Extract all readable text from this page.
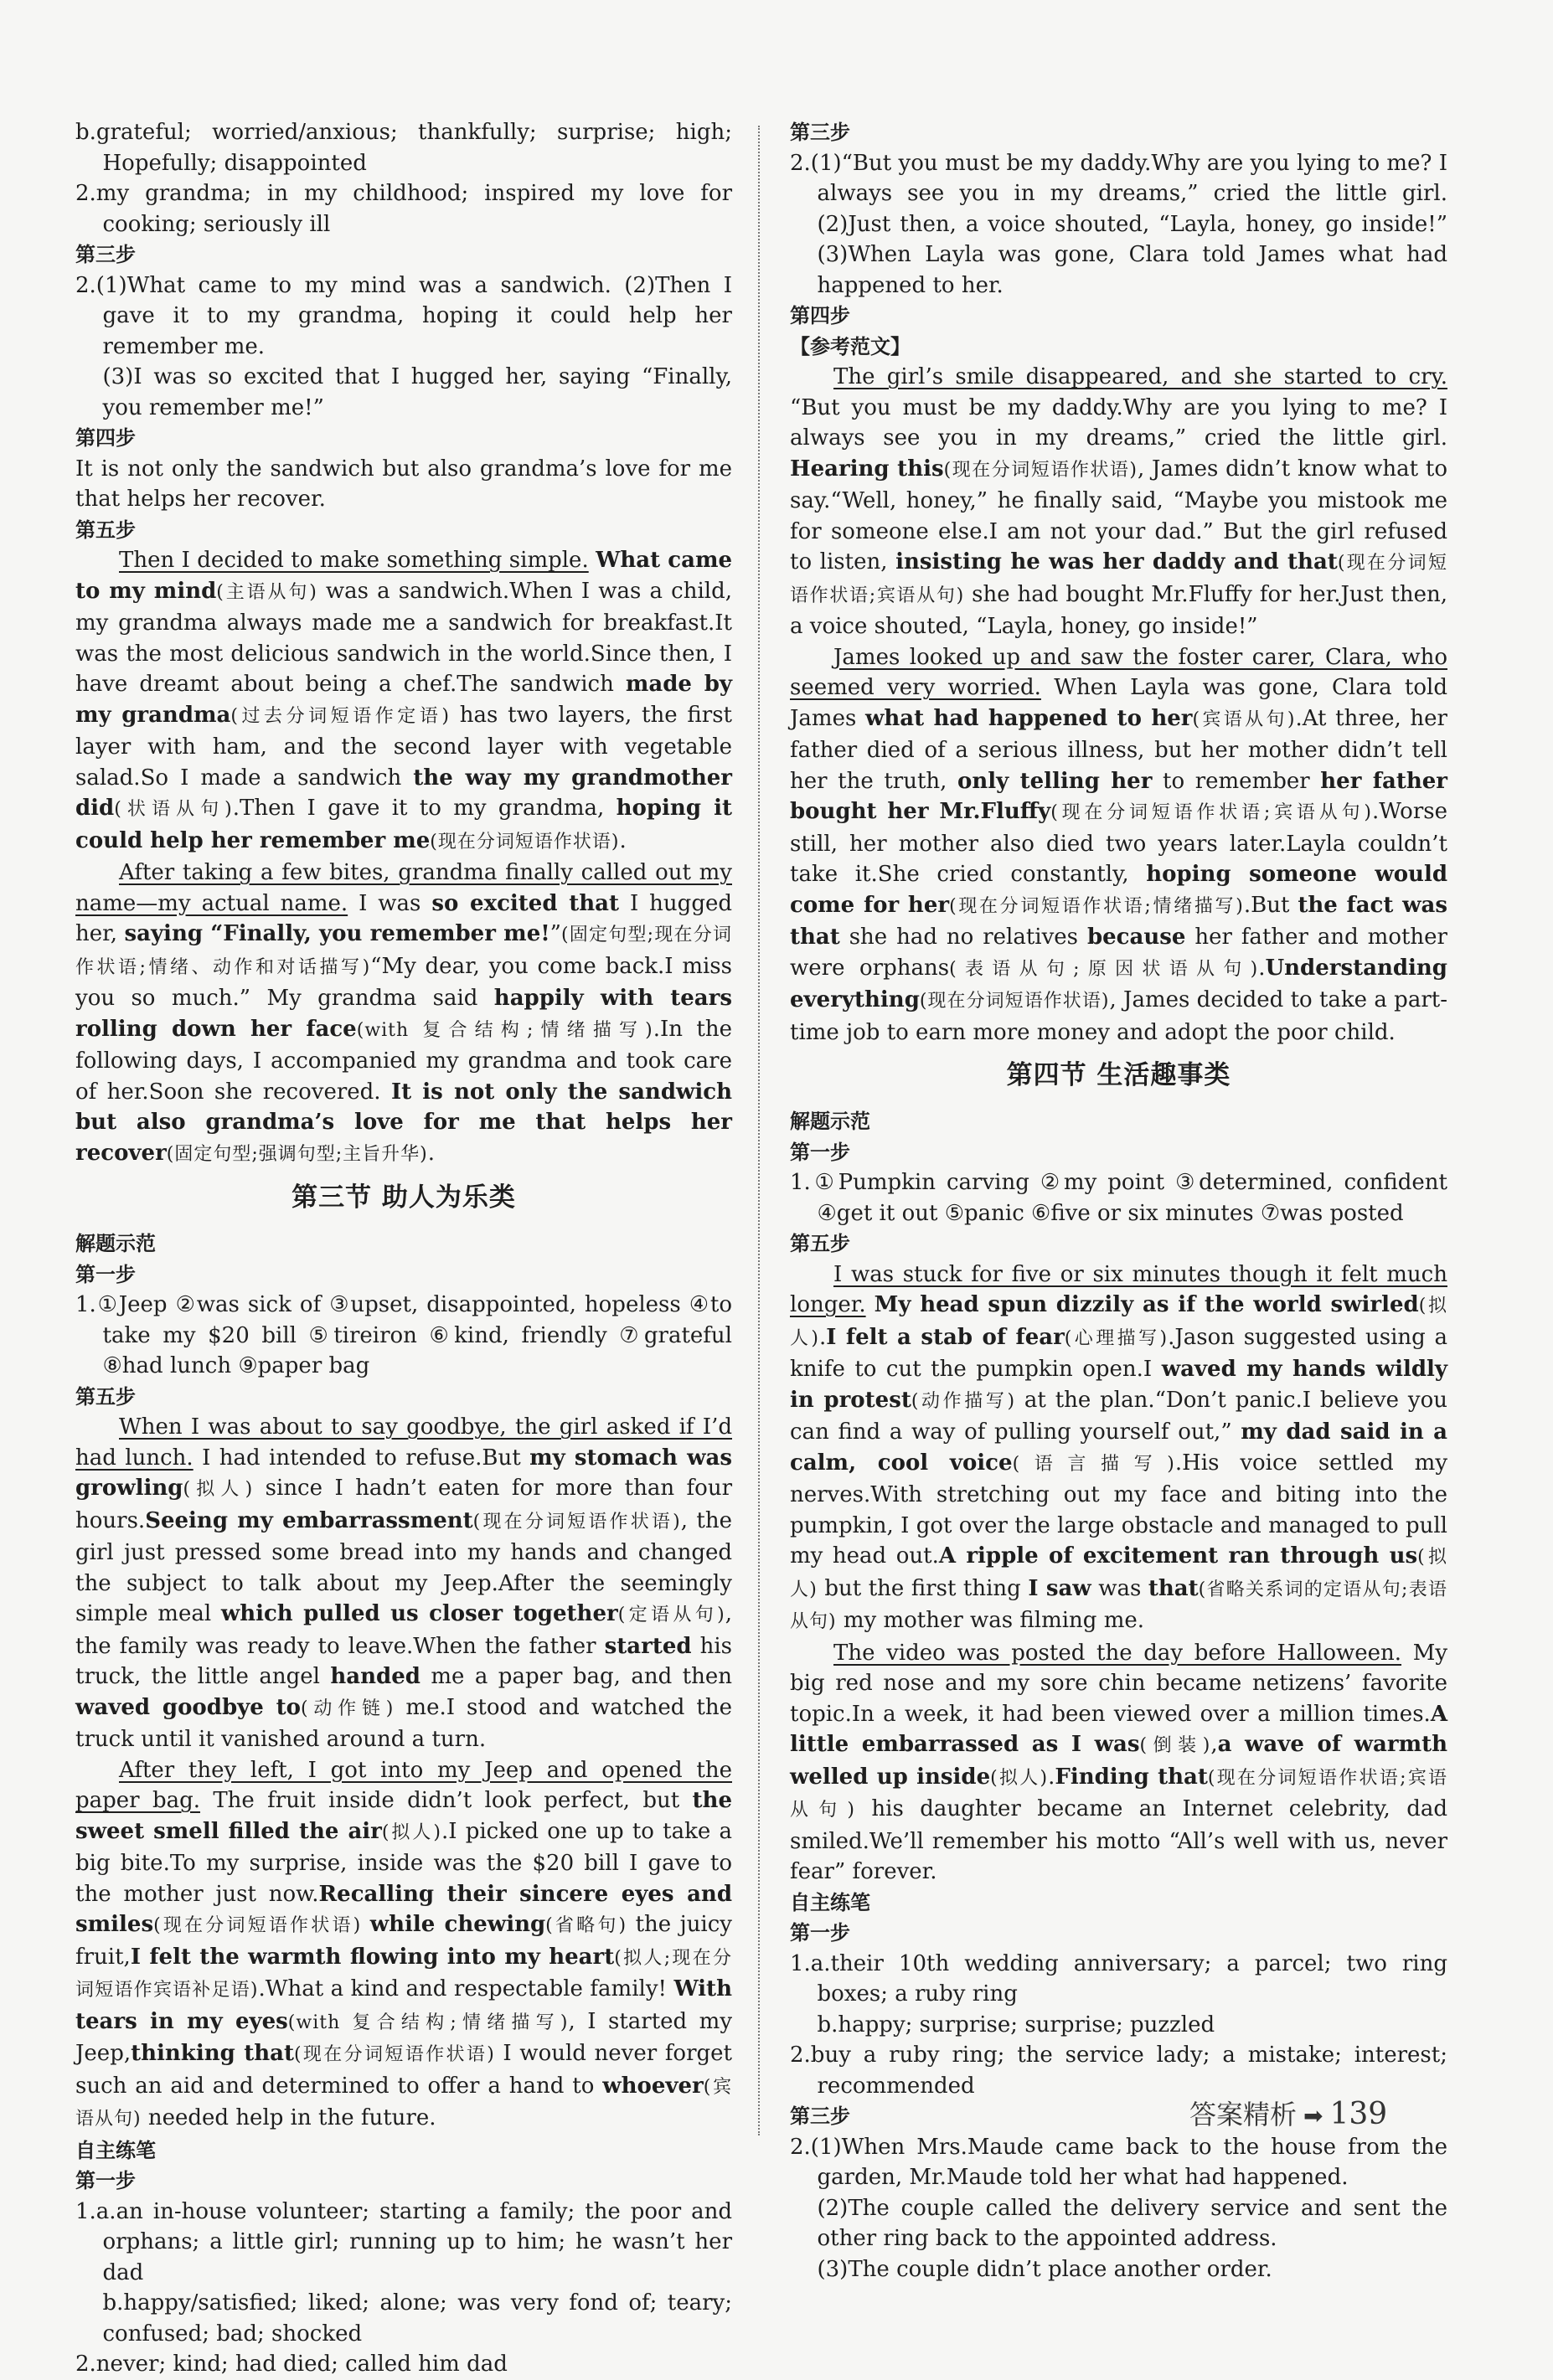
b.grateful; worried/anxious; thankfully; surprise; high; Hopefully; disappointed

2.my grandma; in my childhood; inspired my love for cooking; seriously ill

第三步

2.(1)What came to my mind was a sandwich. (2)Then I gave it to my grandma, hoping it could help her remember me.

(3)I was so excited that I hugged her, saying “Finally, you remember me!”

第四步

It is not only the sandwich but also grandma’s love for me that helps her recover.

第五步

Then I decided to make something simple. What came to my mind(主语从句) was a sandwich.When I was a child, my grandma always made me a sandwich for breakfast.It was the most delicious sandwich in the world.Since then, I have dreamt about being a chef.The sandwich made by my grandma(过去分词短语作定语) has two layers, the first layer with ham, and the second layer with vegetable salad.So I made a sandwich the way my grandmother did(状语从句).Then I gave it to my grandma, hoping it could help her remember me(现在分词短语作状语).

After taking a few bites, grandma finally called out my name—my actual name. I was so excited that I hugged her, saying “Finally, you remember me!”(固定句型;现在分词作状语;情绪、动作和对话描写)“My dear, you come back.I miss you so much.” My grandma said happily with tears rolling down her face(with 复合结构;情绪描写).In the following days, I accompanied my grandma and took care of her.Soon she recovered. It is not only the sandwich but also grandma’s love for me that helps her recover(固定句型;强调句型;主旨升华).

第三节 助人为乐类

解题示范

第一步

1.①Jeep ②was sick of ③upset, disappointed, hopeless ④to take my $20 bill ⑤tireiron ⑥kind, friendly ⑦grateful ⑧had lunch ⑨paper bag

第五步

When I was about to say goodbye, the girl asked if I’d had lunch. I had intended to refuse.But my stomach was growling(拟人) since I hadn’t eaten for more than four hours.Seeing my embarrassment(现在分词短语作状语), the girl just pressed some bread into my hands and changed the subject to talk about my Jeep.After the seemingly simple meal which pulled us closer together(定语从句), the family was ready to leave.When the father started his truck, the little angel handed me a paper bag, and then waved goodbye to(动作链) me.I stood and watched the truck until it vanished around a turn.

After they left, I got into my Jeep and opened the paper bag. The fruit inside didn’t look perfect, but the sweet smell filled the air(拟人).I picked one up to take a big bite.To my surprise, inside was the $20 bill I gave to the mother just now.Recalling their sincere eyes and smiles(现在分词短语作状语) while chewing(省略句) the juicy fruit,I felt the warmth flowing into my heart(拟人;现在分词短语作宾语补足语).What a kind and respectable family! With tears in my eyes(with 复合结构;情绪描写), I started my Jeep,thinking that(现在分词短语作状语) I would never forget such an aid and determined to offer a hand to whoever(宾语从句) needed help in the future.

自主练笔

第一步

1.a.an in-house volunteer; starting a family; the poor and orphans; a little girl; running up to him; he wasn’t her dad

b.happy/satisfied; liked; alone; was very fond of; teary; confused; bad; shocked

2.never; kind; had died; called him dad

第三步

2.(1)“But you must be my daddy.Why are you lying to me? I always see you in my dreams,” cried the little girl. (2)Just then, a voice shouted, “Layla, honey, go inside!” (3)When Layla was gone, Clara told James what had happened to her.

第四步

【参考范文】

The girl’s smile disappeared, and she started to cry. “But you must be my daddy.Why are you lying to me? I always see you in my dreams,” cried the little girl. Hearing this(现在分词短语作状语), James didn’t know what to say.“Well, honey,” he finally said, “Maybe you mistook me for someone else.I am not your dad.” But the girl refused to listen, insisting he was her daddy and that(现在分词短语作状语;宾语从句) she had bought Mr.Fluffy for her.Just then, a voice shouted, “Layla, honey, go inside!”

James looked up and saw the foster carer, Clara, who seemed very worried. When Layla was gone, Clara told James what had happened to her(宾语从句).At three, her father died of a serious illness, but her mother didn’t tell her the truth, only telling her to remember her father bought her Mr.Fluffy(现在分词短语作状语;宾语从句).Worse still, her mother also died two years later.Layla couldn’t take it.She cried constantly, hoping someone would come for her(现在分词短语作状语;情绪描写).But the fact was that she had no relatives because her father and mother were orphans(表语从句;原因状语从句).Understanding everything(现在分词短语作状语), James decided to take a part-time job to earn more money and adopt the poor child.

第四节 生活趣事类

解题示范

第一步

1.①Pumpkin carving ②my point ③determined, confident ④get it out ⑤panic ⑥five or six minutes ⑦was posted

第五步

I was stuck for five or six minutes though it felt much longer. My head spun dizzily as if the world swirled(拟人).I felt a stab of fear(心理描写).Jason suggested using a knife to cut the pumpkin open.I waved my hands wildly in protest(动作描写) at the plan.“Don’t panic.I believe you can find a way of pulling yourself out,” my dad said in a calm, cool voice(语言描写).His voice settled my nerves.With stretching out my face and biting into the pumpkin, I got over the large obstacle and managed to pull my head out.A ripple of excitement ran through us(拟人) but the first thing I saw was that(省略关系词的定语从句;表语从句) my mother was filming me.

The video was posted the day before Halloween. My big red nose and my sore chin became netizens’ favorite topic.In a week, it had been viewed over a million times.A little embarrassed as I was(倒装),a wave of warmth welled up inside(拟人).Finding that(现在分词短语作状语;宾语从句) his daughter became an Internet celebrity, dad smiled.We’ll remember his motto “All’s well with us, never fear” forever.

自主练笔

第一步

1.a.their 10th wedding anniversary; a parcel; two ring boxes; a ruby ring

b.happy; surprise; surprise; puzzled

2.buy a ruby ring; the service lady; a mistake; interest; recommended

第三步

2.(1)When Mrs.Maude came back to the house from the garden, Mr.Maude told her what had happened.

(2)The couple called the delivery service and sent the other ring back to the appointed address.

(3)The couple didn’t place another order.

答案精析 ➡ 139
